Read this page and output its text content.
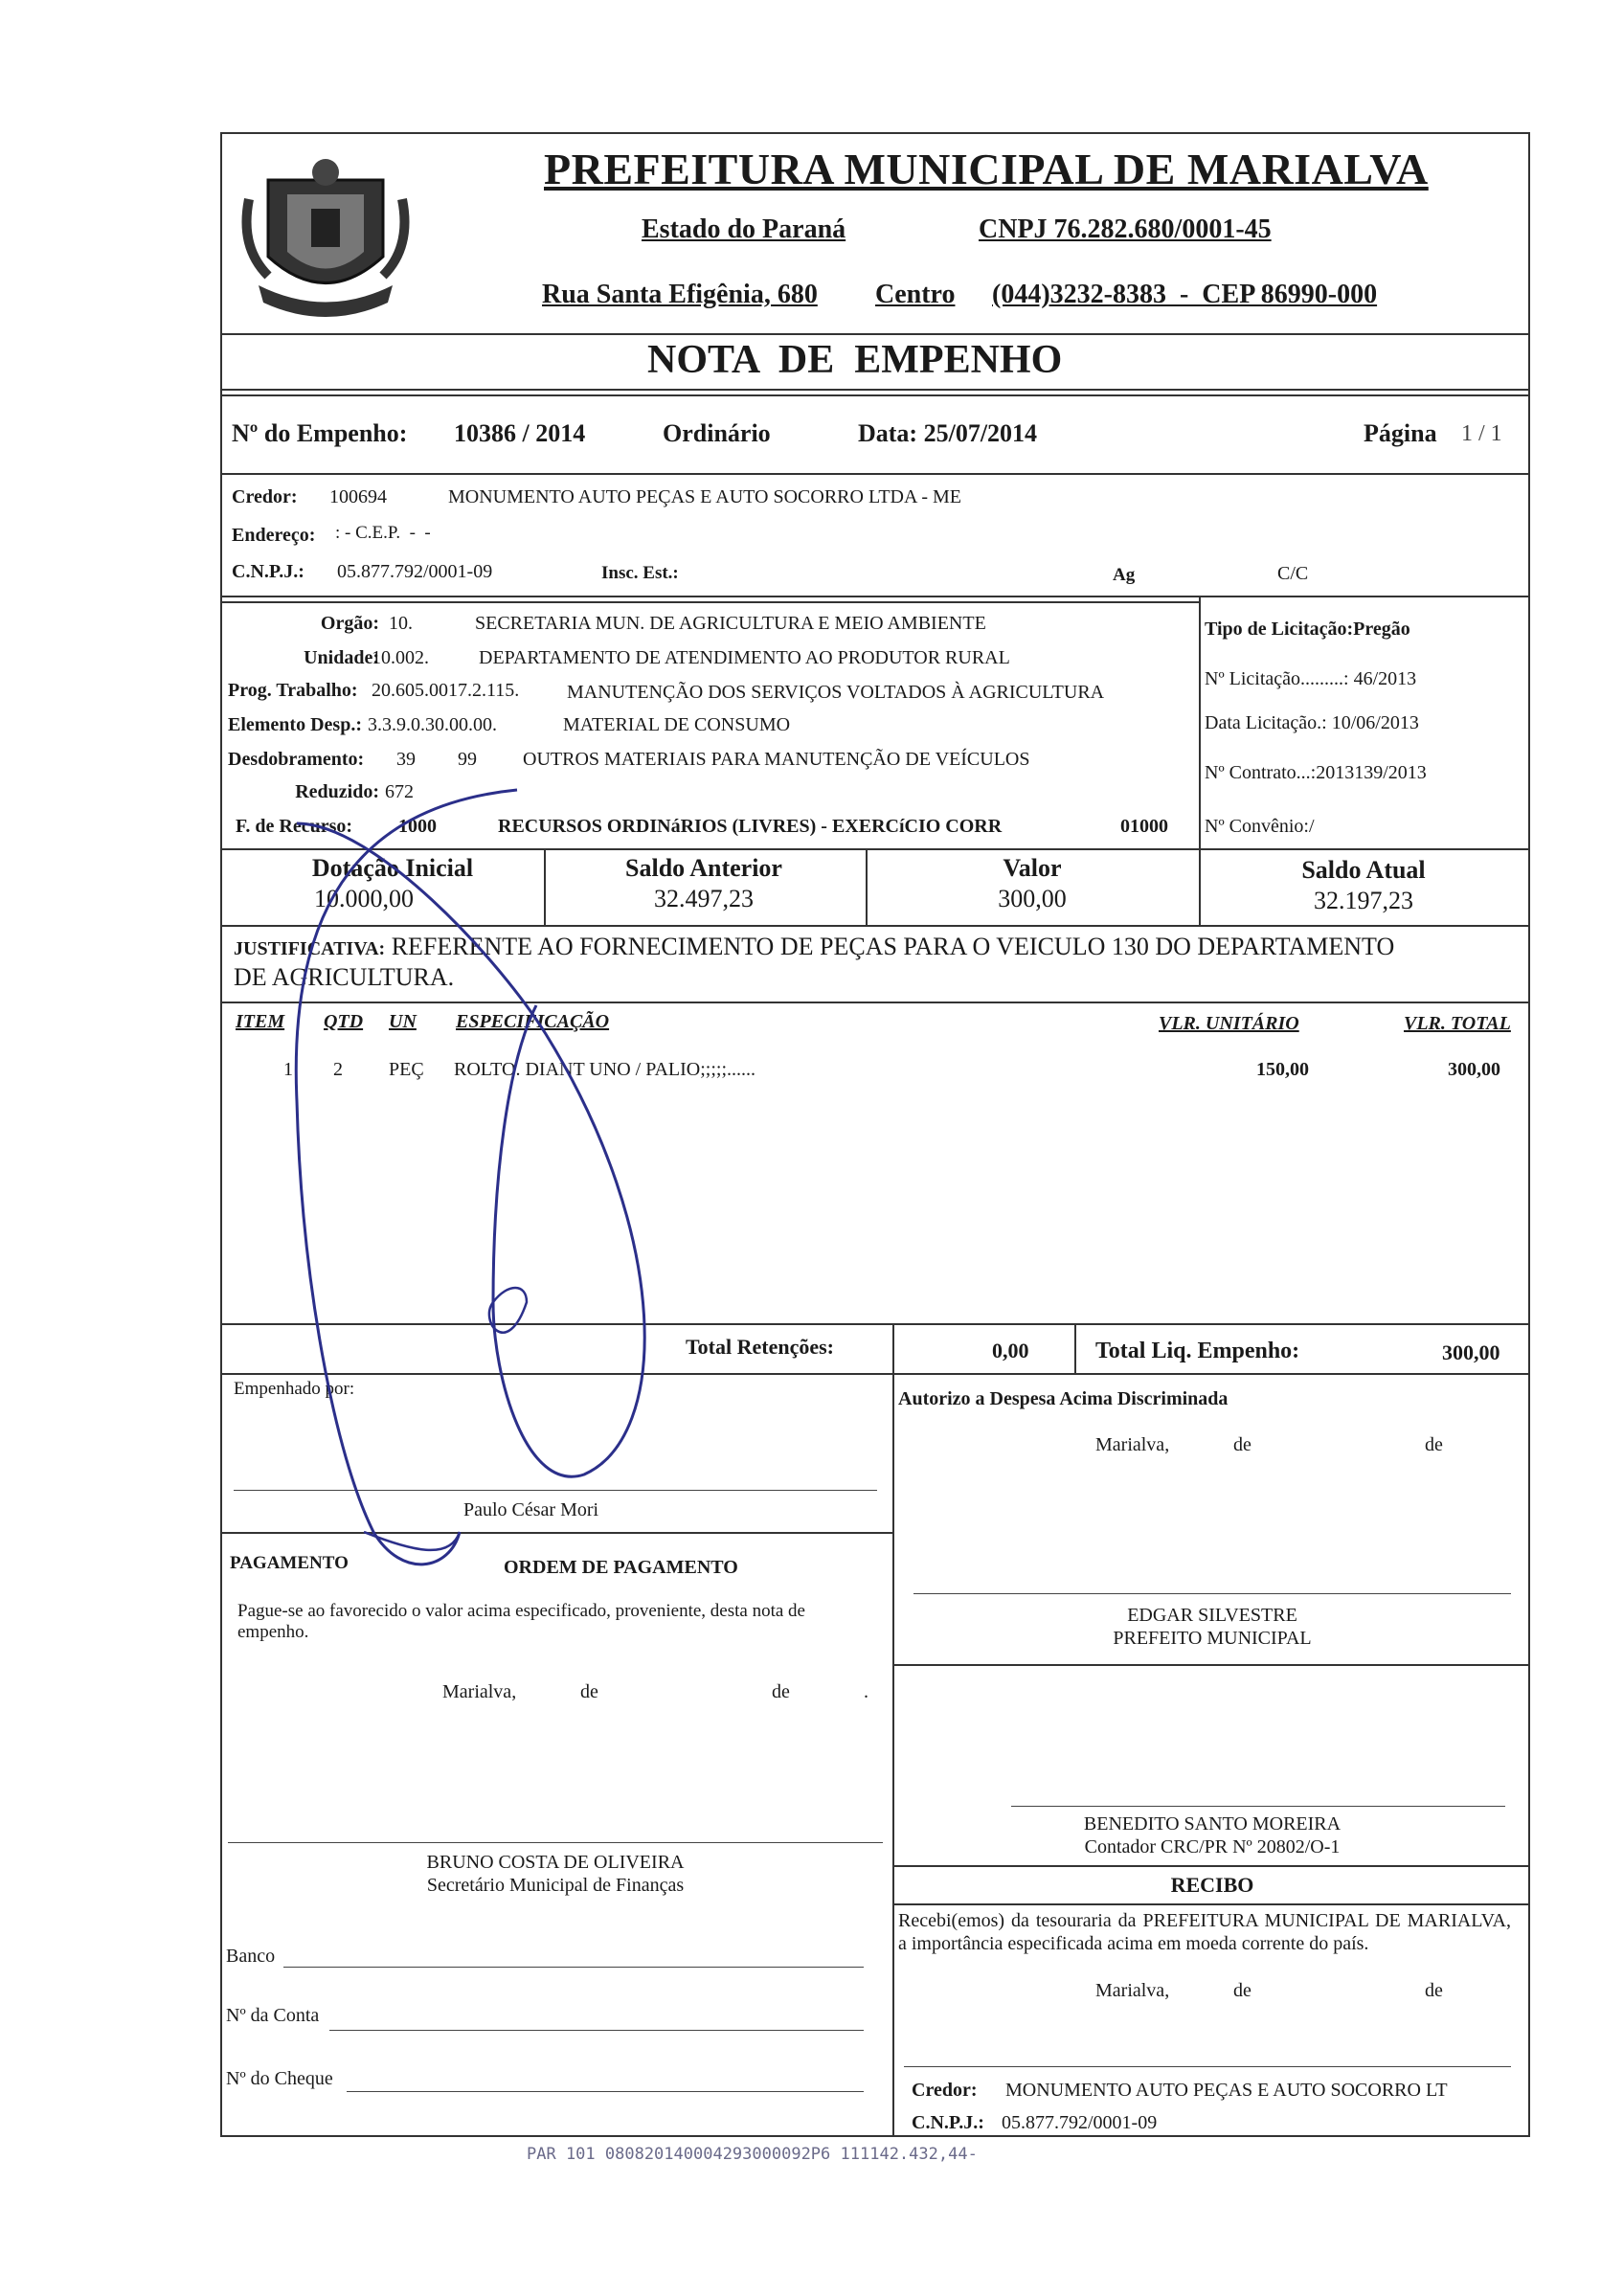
PREFEITURA MUNICIPAL DE MARIALVA
Estado do Paraná	CNPJ 76.282.680/0001-45
Rua Santa Efigênia, 680 Centro (044)3232-8383  -  CEP 86990-000
NOTA  DE  EMPENHO
Nº do Empenho: 10386 / 2014	Ordinário	Data: 25/07/2014	Página 1 / 1
Credor: 100694	MONUMENTO AUTO PEÇAS E AUTO SOCORRO LTDA - ME
Endereço: : - C.E.P.  -  -
C.N.P.J.: 05.877.792/0001-09	Insc. Est.:	Ag	C/C
Orgão: 10.	SECRETARIA MUN. DE AGRICULTURA E MEIO AMBIENTE
Unidade:
10.002.	DEPARTAMENTO DE ATENDIMENTO AO PRODUTOR RURAL
Prog. Trabalho: 20.605.0017.2.115. MANUTENÇÃO DOS SERVIÇOS VOLTADOS À AGRICULTURA
Elemento Desp.: 3.3.9.0.30.00.00.	MATERIAL DE CONSUMO
Desdobramento: 39 99 OUTROS MATERIAIS PARA MANUTENÇÃO DE VEÍCULOS
Reduzido: 672
F. de Recurso: 1000	RECURSOS ORDINáRIOS (LIVRES) - EXERCíCIO CORR	01000
Tipo de Licitação:Pregão
Nº Licitação.........: 46/2013
Data Licitação.: 10/06/2013
Nº Contrato...:2013139/2013
Nº Convênio:/
Dotação Inicial
10.000,00
Saldo Anterior
32.497,23
Valor
300,00
Saldo Atual
32.197,23
JUSTIFICATIVA: REFERENTE AO FORNECIMENTO DE PEÇAS PARA O VEICULO 130 DO DEPARTAMENTO
DE AGRICULTURA.
ITEM QTD UN ESPECIFICAÇÃO	VLR. UNITÁRIO	VLR. TOTAL
1 2 PEÇ ROLTO. DIANT UNO / PALIO;;;;;......	150,00	300,00
Total Retenções:	0,00	Total Liq. Empenho:	300,00
Empenhado por:
Paulo César Mori
PAGAMENTO	ORDEM DE PAGAMENTO
Pague-se ao favorecido o valor acima especificado, proveniente, desta nota de empenho.
Marialva,	de	de	.
BRUNO COSTA DE OLIVEIRA
Secretário Municipal de Finanças
Banco
Nº da Conta
Nº do Cheque
Autorizo a Despesa Acima Discriminada
Marialva,	de	de
EDGAR SILVESTRE
PREFEITO MUNICIPAL
BENEDITO SANTO MOREIRA
Contador CRC/PR Nº 20802/O-1
RECIBO
Recebi(emos) da tesouraria da PREFEITURA MUNICIPAL DE MARIALVA, a importância especificada acima em moeda corrente do país.
Marialva,	de	de
Credor: MONUMENTO AUTO PEÇAS E AUTO SOCORRO LT
C.N.P.J.: 05.877.792/0001-09
PAR 101 080820140004293000092P6 111142.432,44-
